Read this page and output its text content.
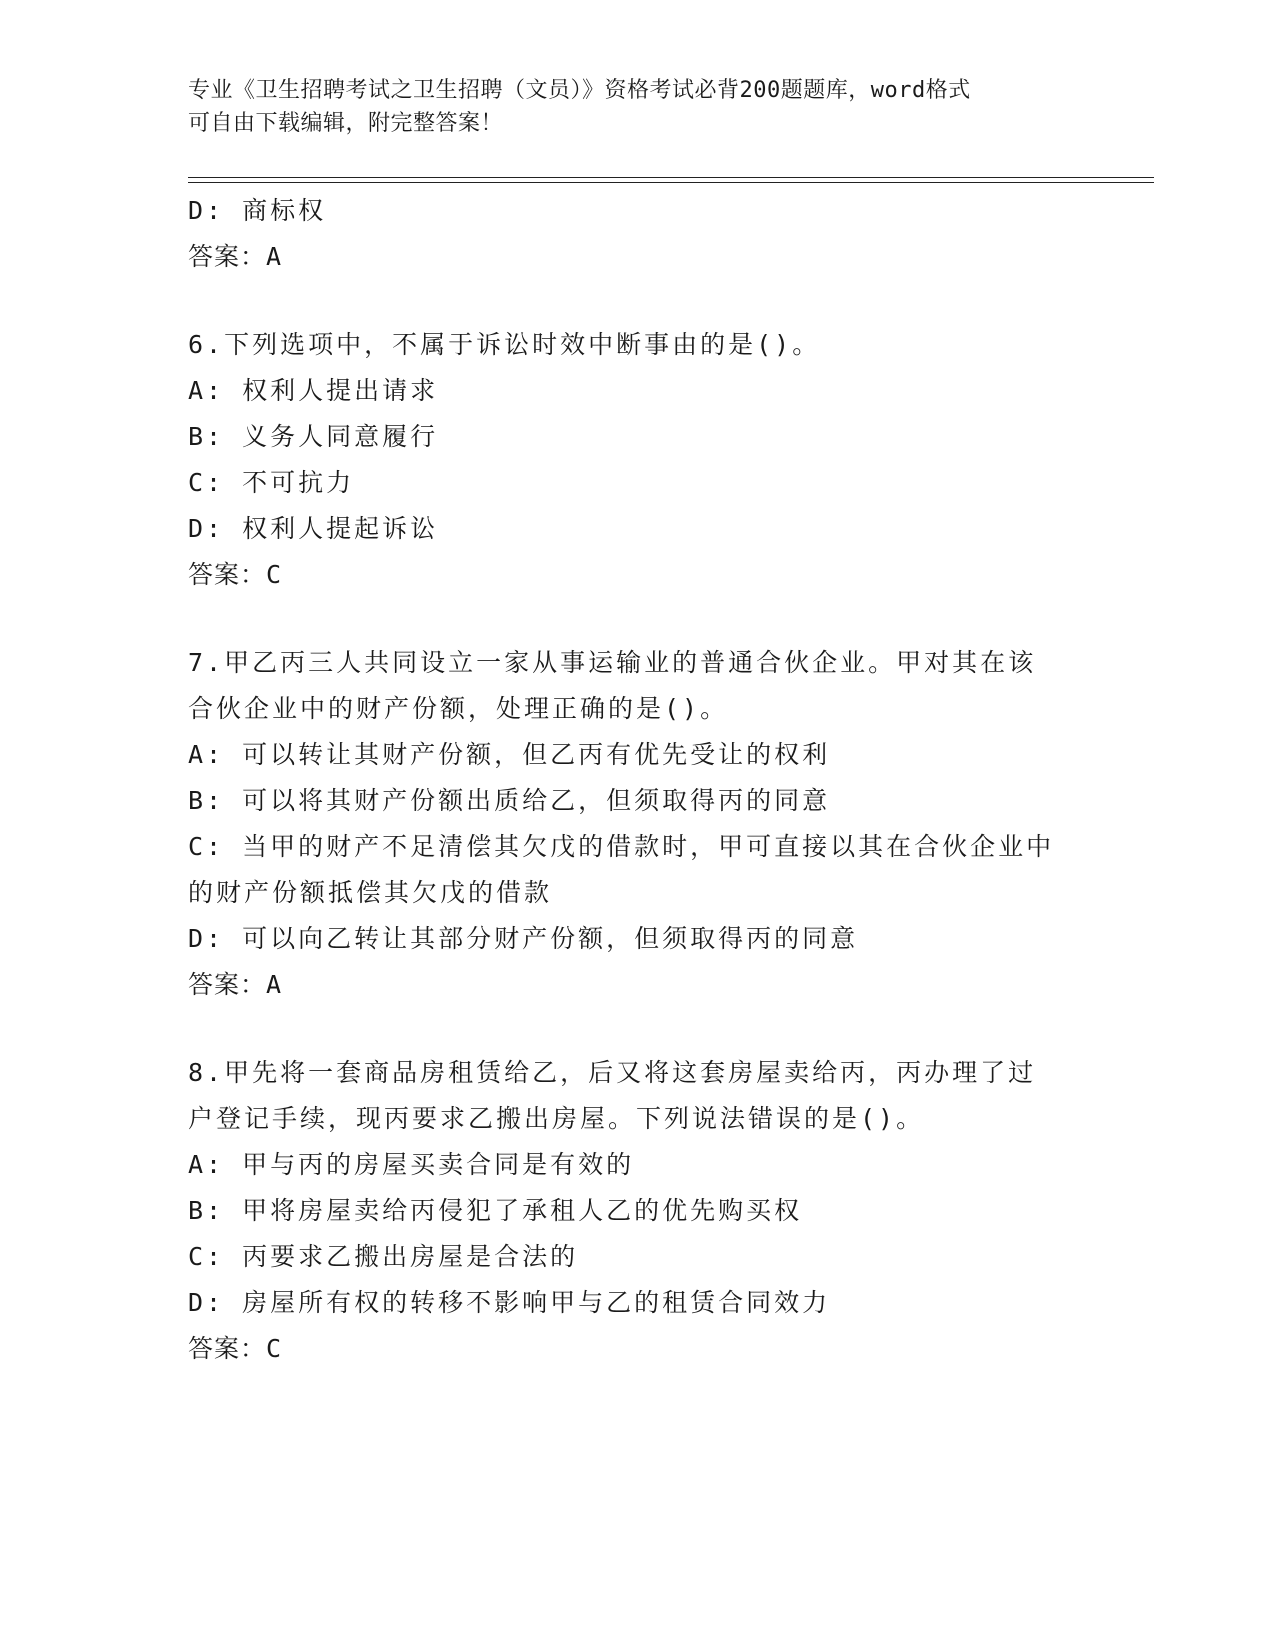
专业《卫生招聘考试之卫生招聘（文员）》资格考试必背200题题库，word格式
可自由下载编辑，附完整答案！
D: 商标权
答案：A
6.下列选项中，不属于诉讼时效中断事由的是()。
A: 权利人提出请求
B: 义务人同意履行
C: 不可抗力
D: 权利人提起诉讼
答案：C
7.甲乙丙三人共同设立一家从事运输业的普通合伙企业。甲对其在该
合伙企业中的财产份额，处理正确的是()。
A: 可以转让其财产份额，但乙丙有优先受让的权利
B: 可以将其财产份额出质给乙，但须取得丙的同意
C: 当甲的财产不足清偿其欠戊的借款时，甲可直接以其在合伙企业中
的财产份额抵偿其欠戊的借款
D: 可以向乙转让其部分财产份额，但须取得丙的同意
答案：A
8.甲先将一套商品房租赁给乙，后又将这套房屋卖给丙，丙办理了过
户登记手续，现丙要求乙搬出房屋。下列说法错误的是()。
A: 甲与丙的房屋买卖合同是有效的
B: 甲将房屋卖给丙侵犯了承租人乙的优先购买权
C: 丙要求乙搬出房屋是合法的
D: 房屋所有权的转移不影响甲与乙的租赁合同效力
答案：C
